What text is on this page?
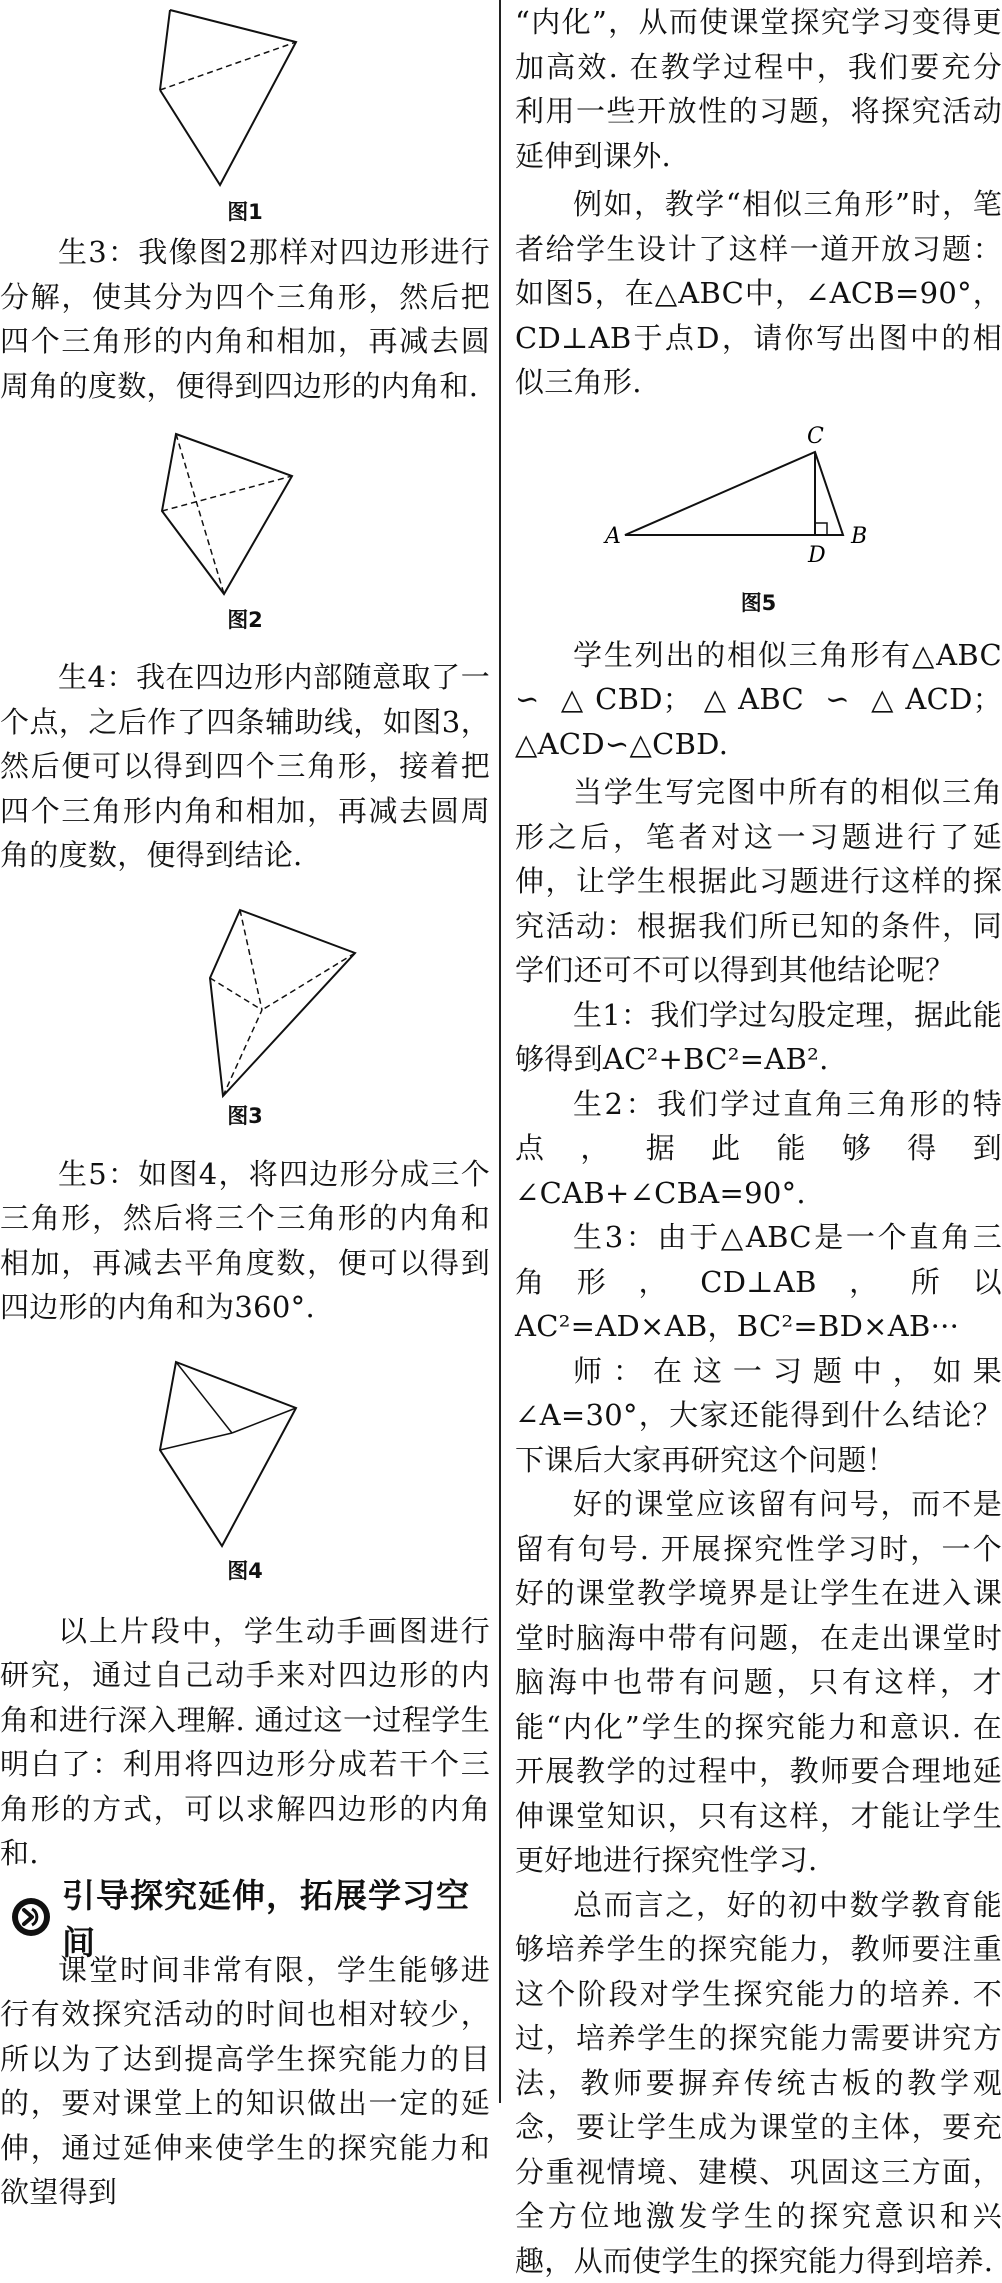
图1

生3：我像图2那样对四边形进行分解，使其分为四个三角形，然后把四个三角形的内角和相加，再减去圆周角的度数，便得到四边形的内角和.

图2

生4：我在四边形内部随意取了一个点，之后作了四条辅助线，如图3，然后便可以得到四个三角形，接着把四个三角形内角和相加，再减去圆周角的度数，便得到结论.

图3

生5：如图4，将四边形分成三个三角形，然后将三个三角形的内角和相加，再减去平角度数，便可以得到四边形的内角和为360°.

图4

以上片段中，学生动手画图进行研究，通过自己动手来对四边形的内角和进行深入理解. 通过这一过程学生明白了：利用将四边形分成若干个三角形的方式，可以求解四边形的内角和.

引导探究延伸，拓展学习空间

课堂时间非常有限，学生能够进行有效探究活动的时间也相对较少，所以为了达到提高学生探究能力的目的，要对课堂上的知识做出一定的延伸，通过延伸来使学生的探究能力和欲望得到

“内化”，从而使课堂探究学习变得更加高效. 在教学过程中，我们要充分利用一些开放性的习题，将探究活动延伸到课外.

例如，教学“相似三角形”时，笔者给学生设计了这样一道开放习题：如图5，在△ABC中，∠ACB=90°，CD⊥AB于点D，请你写出图中的相似三角形.

A	B
C
D

图5

学生列出的相似三角形有△ABC ∽ △CBD；△ABC ∽ △ACD；△ACD∽△CBD.

当学生写完图中所有的相似三角形之后，笔者对这一习题进行了延伸，让学生根据此习题进行这样的探究活动：根据我们所已知的条件，同学们还可不可以得到其他结论呢？

生1：我们学过勾股定理，据此能够得到AC²+BC²=AB².

生2：我们学过直角三角形的特点，据此能够得到∠CAB+∠CBA=90°.

生3：由于△ABC是一个直角三角形，CD⊥AB，所以AC²=AD×AB，BC²=BD×AB···

师：在这一习题中，如果∠A=30°，大家还能得到什么结论？下课后大家再研究这个问题！

好的课堂应该留有问号，而不是留有句号. 开展探究性学习时，一个好的课堂教学境界是让学生在进入课堂时脑海中带有问题，在走出课堂时脑海中也带有问题，只有这样，才能“内化”学生的探究能力和意识. 在开展教学的过程中，教师要合理地延伸课堂知识，只有这样，才能让学生更好地进行探究性学习.

总而言之，好的初中数学教育能够培养学生的探究能力，教师要注重这个阶段对学生探究能力的培养. 不过，培养学生的探究能力需要讲究方法，教师要摒弃传统古板的教学观念，要让学生成为课堂的主体，要充分重视情境、建模、巩固这三方面，全方位地激发学生的探究意识和兴趣，从而使学生的探究能力得到培养.
